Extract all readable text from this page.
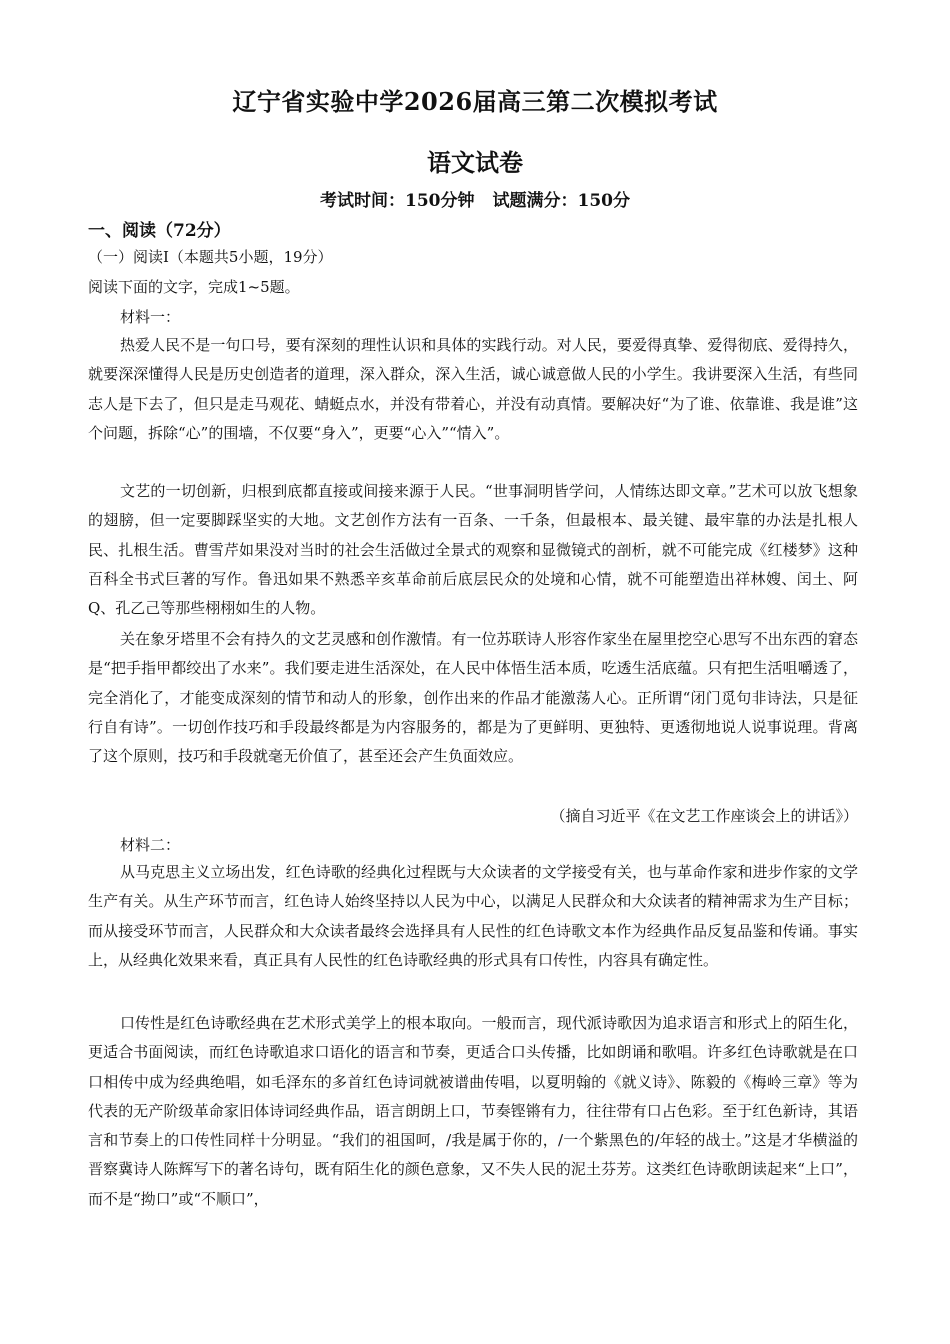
辽宁省实验中学2026届高三第二次模拟考试
语文试卷
考试时间：150分钟 试题满分：150分

一、阅读（72分）

（一）阅读I（本题共5小题，19分）

阅读下面的文字，完成1~5题。

材料一：

热爱人民不是一句口号，要有深刻的理性认识和具体的实践行动。对人民，要爱得真挚、爱得彻底、爱得持久，就要深深懂得人民是历史创造者的道理，深入群众，深入生活，诚心诚意做人民的小学生。我讲要深入生活，有些同志人是下去了，但只是走马观花、蜻蜓点水，并没有带着心，并没有动真情。要解决好“为了谁、依靠谁、我是谁”这个问题，拆除“心”的围墙，不仅要“身入”，更要“心入”“情入”。

文艺的一切创新，归根到底都直接或间接来源于人民。“世事洞明皆学问，人情练达即文章。”艺术可以放飞想象的翅膀，但一定要脚踩坚实的大地。文艺创作方法有一百条、一千条，但最根本、最关键、最牢靠的办法是扎根人民、扎根生活。曹雪芹如果没对当时的社会生活做过全景式的观察和显微镜式的剖析，就不可能完成《红楼梦》这种百科全书式巨著的写作。鲁迅如果不熟悉辛亥革命前后底层民众的处境和心情，就不可能塑造出祥林嫂、闰土、阿Q、孔乙己等那些栩栩如生的人物。

关在象牙塔里不会有持久的文艺灵感和创作激情。有一位苏联诗人形容作家坐在屋里挖空心思写不出东西的窘态是“把手指甲都绞出了水来”。我们要走进生活深处，在人民中体悟生活本质，吃透生活底蕴。只有把生活咀嚼透了，完全消化了，才能变成深刻的情节和动人的形象，创作出来的作品才能激荡人心。正所谓“闭门觅句非诗法，只是征行自有诗”。一切创作技巧和手段最终都是为内容服务的，都是为了更鲜明、更独特、更透彻地说人说事说理。背离了这个原则，技巧和手段就毫无价值了，甚至还会产生负面效应。

（摘自习近平《在文艺工作座谈会上的讲话》）

材料二：

从马克思主义立场出发，红色诗歌的经典化过程既与大众读者的文学接受有关，也与革命作家和进步作家的文学生产有关。从生产环节而言，红色诗人始终坚持以人民为中心，以满足人民群众和大众读者的精神需求为生产目标；而从接受环节而言，人民群众和大众读者最终会选择具有人民性的红色诗歌文本作为经典作品反复品鉴和传诵。事实上，从经典化效果来看，真正具有人民性的红色诗歌经典的形式具有口传性，内容具有确定性。

口传性是红色诗歌经典在艺术形式美学上的根本取向。一般而言，现代派诗歌因为追求语言和形式上的陌生化，更适合书面阅读，而红色诗歌追求口语化的语言和节奏，更适合口头传播，比如朗诵和歌唱。许多红色诗歌就是在口口相传中成为经典绝唱，如毛泽东的多首红色诗词就被谱曲传唱，以夏明翰的《就义诗》、陈毅的《梅岭三章》等为代表的无产阶级革命家旧体诗词经典作品，语言朗朗上口，节奏铿锵有力，往往带有口占色彩。至于红色新诗，其语言和节奏上的口传性同样十分明显。“我们的祖国呵，/我是属于你的，/一个紫黑色的/年轻的战士。”这是才华横溢的晋察冀诗人陈辉写下的著名诗句，既有陌生化的颜色意象，又不失人民的泥土芬芳。这类红色诗歌朗读起来“上口”，而不是“拗口”或“不顺口”，
